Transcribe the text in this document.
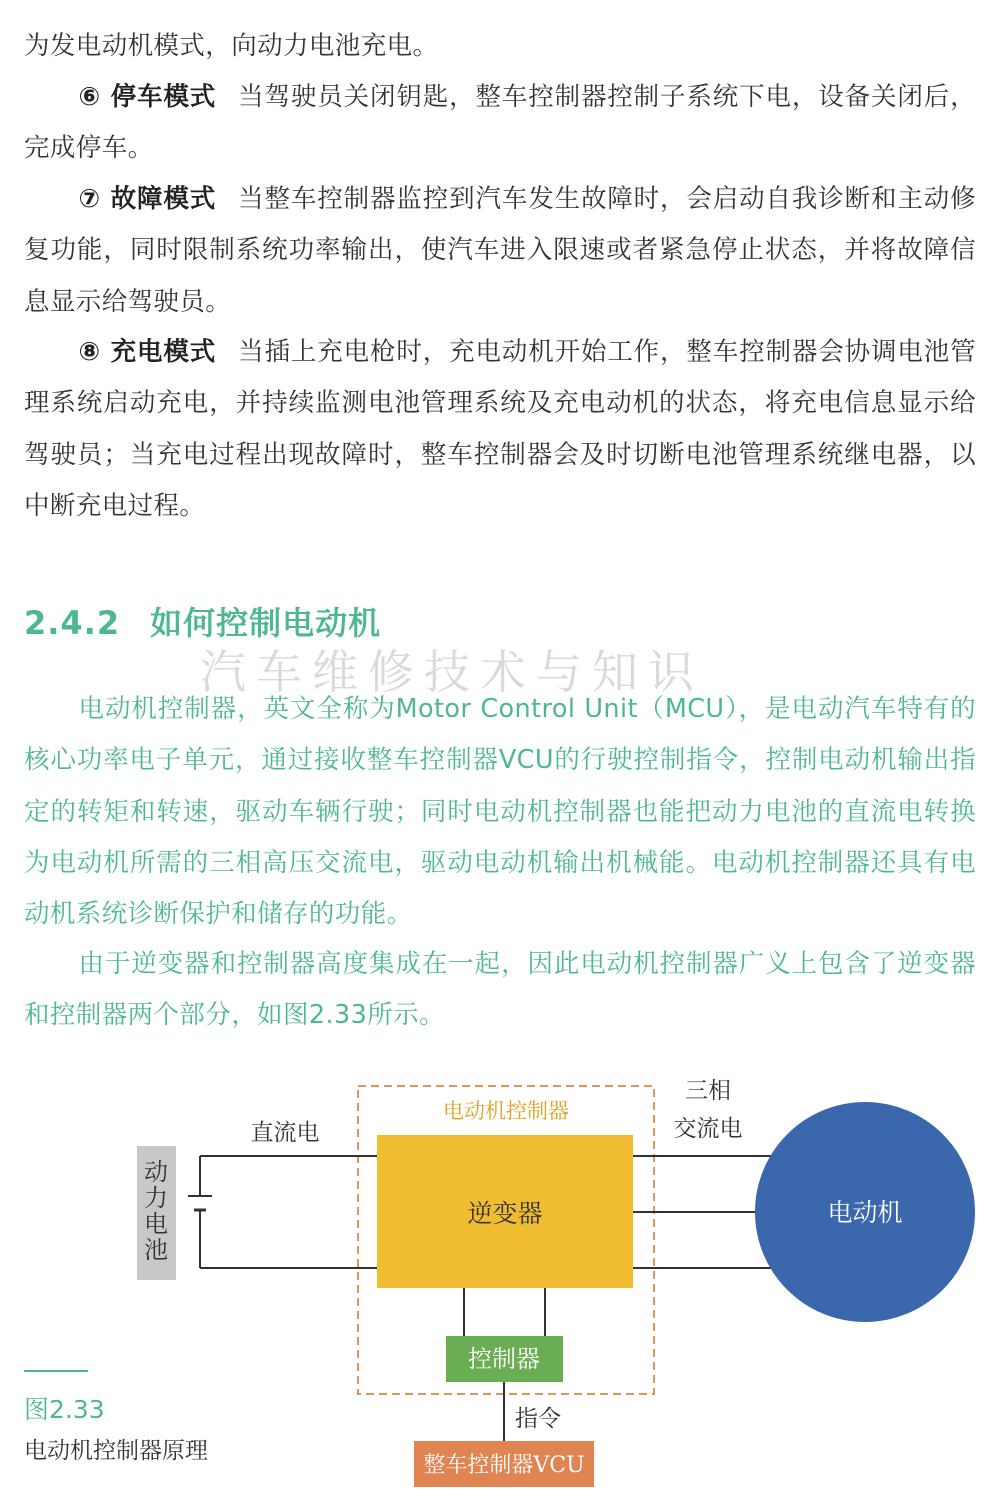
为发电动机模式，向动力电池充电。

⑥ 停车模式 当驾驶员关闭钥匙，整车控制器控制子系统下电，设备关闭后，完成停车。

⑦ 故障模式 当整车控制器监控到汽车发生故障时，会启动自我诊断和主动修复功能，同时限制系统功率输出，使汽车进入限速或者紧急停止状态，并将故障信息显示给驾驶员。

⑧ 充电模式 当插上充电枪时，充电动机开始工作，整车控制器会协调电池管理系统启动充电，并持续监测电池管理系统及充电动机的状态，将充电信息显示给驾驶员；当充电过程出现故障时，整车控制器会及时切断电池管理系统继电器，以中断充电过程。

2.4.2 如何控制电动机
汽车维修技术与知识

电动机控制器，英文全称为Motor Control Unit（MCU），是电动汽车特有的核心功率电子单元，通过接收整车控制器VCU的行驶控制指令，控制电动机输出指定的转矩和转速，驱动车辆行驶；同时电动机控制器也能把动力电池的直流电转换为电动机所需的三相高压交流电，驱动电动机输出机械能。电动机控制器还具有电动机系统诊断保护和储存的功能。

由于逆变器和控制器高度集成在一起，因此电动机控制器广义上包含了逆变器和控制器两个部分，如图2.33所示。

电动机控制器
动
力
电
池
直流电
逆变器
三相
交流电
电动机
控制器
指令
整车控制器VCU
图2.33
电动机控制器原理
